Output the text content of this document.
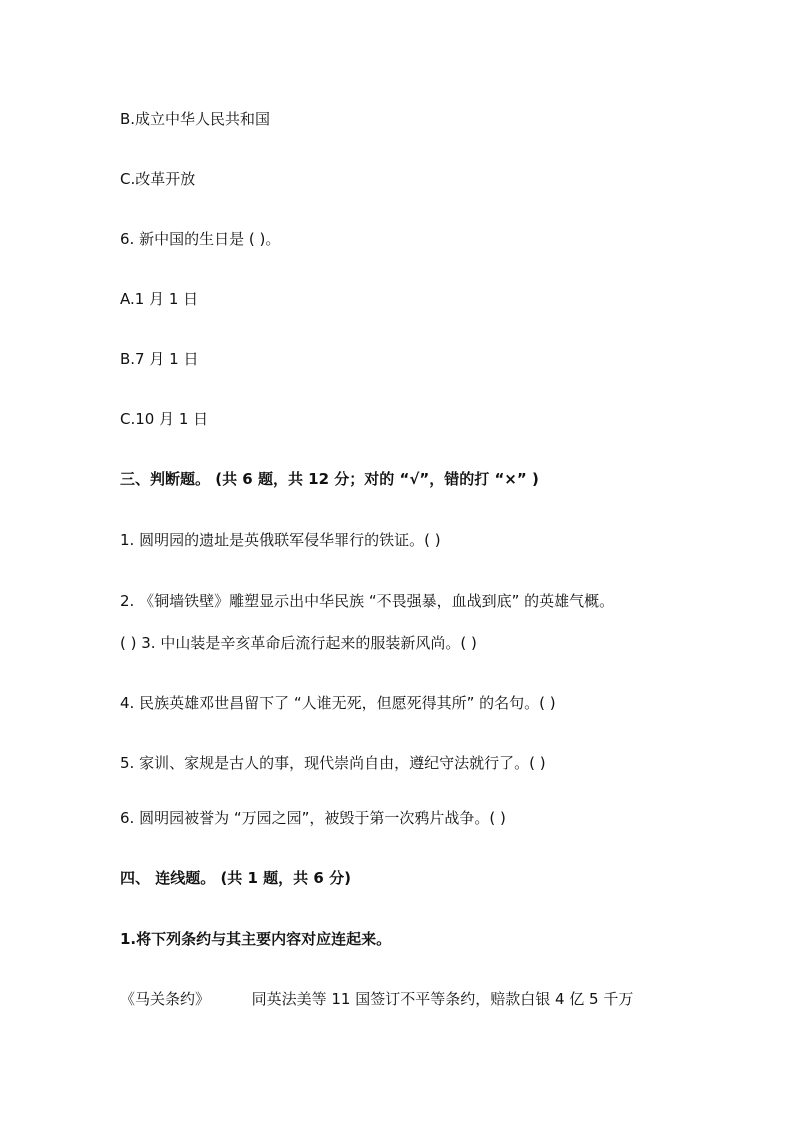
B.成立中华人民共和国
C.改革开放
6. 新中国的生日是 ( )。
A.1 月 1 日
B.7 月 1 日
C.10 月 1 日
三、判断题。 (共 6 题，共 12 分；对的 “√”，错的打 “×” )
1. 圆明园的遗址是英俄联军侵华罪行的铁证。( )
2. 《铜墙铁壁》雕塑显示出中华民族 “不畏强暴，血战到底” 的英雄气概。
( ) 3. 中山装是辛亥革命后流行起来的服装新风尚。( )
4. 民族英雄邓世昌留下了 “人谁无死，但愿死得其所” 的名句。( )
5. 家训、家规是古人的事，现代崇尚自由，遵纪守法就行了。( )
6. 圆明园被誉为 “万园之园”，被毁于第一次鸦片战争。( )
四、 连线题。 (共 1 题，共 6 分)
1.将下列条约与其主要内容对应连起来。
《马关条约》	同英法美等 11 国签订不平等条约，赔款白银 4 亿 5 千万
